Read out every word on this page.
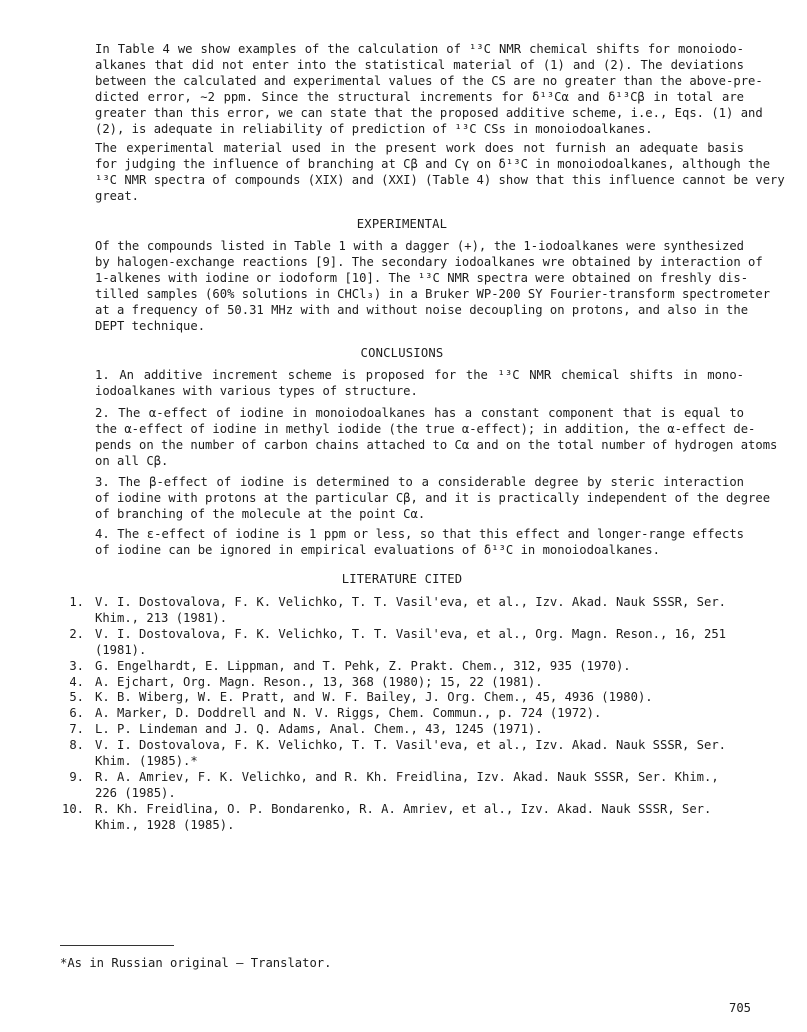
In Table 4 we show examples of the calculation of ¹³C NMR chemical shifts for monoiodo-
alkanes that did not enter into the statistical material of (1) and (2). The deviations
between the calculated and experimental values of the CS are no greater than the above-pre-
dicted error, ∼2 ppm. Since the structural increments for δ¹³Cα and δ¹³Cβ in total are
greater than this error, we can state that the proposed additive scheme, i.e., Eqs. (1) and
(2), is adequate in reliability of prediction of ¹³C CSs in monoiodoalkanes.

The experimental material used in the present work does not furnish an adequate basis
for judging the influence of branching at Cβ and Cγ on δ¹³C in monoiodoalkanes, although the
¹³C NMR spectra of compounds (XIX) and (XXI) (Table 4) show that this influence cannot be very
great.

EXPERIMENTAL

Of the compounds listed in Table 1 with a dagger (+), the 1-iodoalkanes were synthesized
by halogen-exchange reactions [9]. The secondary iodoalkanes wre obtained by interaction of
1-alkenes with iodine or iodoform [10]. The ¹³C NMR spectra were obtained on freshly dis-
tilled samples (60% solutions in CHCl₃) in a Bruker WP-200 SY Fourier-transform spectrometer
at a frequency of 50.31 MHz with and without noise decoupling on protons, and also in the
DEPT technique.

CONCLUSIONS

1. An additive increment scheme is proposed for the ¹³C NMR chemical shifts in mono-
iodoalkanes with various types of structure.

2. The α-effect of iodine in monoiodoalkanes has a constant component that is equal to
the α-effect of iodine in methyl iodide (the true α-effect); in addition, the α-effect de-
pends on the number of carbon chains attached to Cα and on the total number of hydrogen atoms
on all Cβ.

3. The β-effect of iodine is determined to a considerable degree by steric interaction
of iodine with protons at the particular Cβ, and it is practically independent of the degree
of branching of the molecule at the point Cα.

4. The ε-effect of iodine is 1 ppm or less, so that this effect and longer-range effects
of iodine can be ignored in empirical evaluations of δ¹³C in monoiodoalkanes.

LITERATURE CITED
1. V. I. Dostovalova, F. K. Velichko, T. T. Vasil'eva, et al., Izv. Akad. Nauk SSSR, Ser. Khim., 213 (1981).
2. V. I. Dostovalova, F. K. Velichko, T. T. Vasil'eva, et al., Org. Magn. Reson., 16, 251 (1981).
3. G. Engelhardt, E. Lippman, and T. Pehk, Z. Prakt. Chem., 312, 935 (1970).
4. A. Ejchart, Org. Magn. Reson., 13, 368 (1980); 15, 22 (1981).
5. K. B. Wiberg, W. E. Pratt, and W. F. Bailey, J. Org. Chem., 45, 4936 (1980).
6. A. Marker, D. Doddrell and N. V. Riggs, Chem. Commun., p. 724 (1972).
7. L. P. Lindeman and J. Q. Adams, Anal. Chem., 43, 1245 (1971).
8. V. I. Dostovalova, F. K. Velichko, T. T. Vasil'eva, et al., Izv. Akad. Nauk SSSR, Ser. Khim. (1985).*
9. R. A. Amriev, F. K. Velichko, and R. Kh. Freidlina, Izv. Akad. Nauk SSSR, Ser. Khim., 226 (1985).
10. R. Kh. Freidlina, O. P. Bondarenko, R. A. Amriev, et al., Izv. Akad. Nauk SSSR, Ser. Khim., 1928 (1985).
*As in Russian original — Translator.
705
